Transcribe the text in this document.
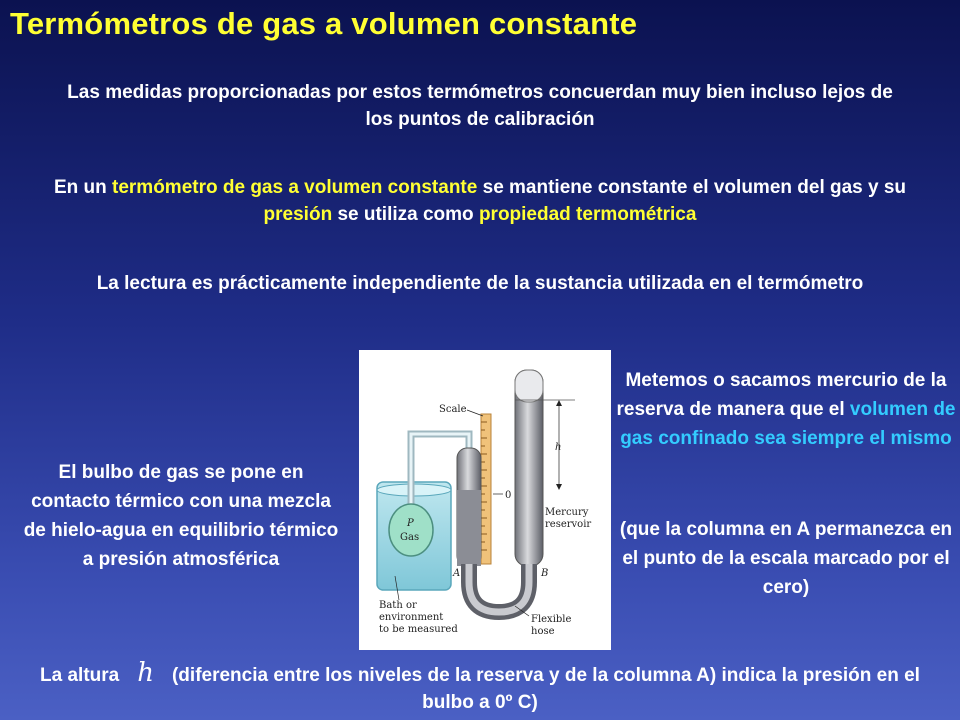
Termómetros de gas a volumen constante
Las medidas proporcionadas por estos termómetros concuerdan muy bien incluso lejos de los puntos de calibración
En un termómetro de gas a volumen constante se mantiene constante el volumen del gas y su presión se utiliza como propiedad termométrica
La lectura es prácticamente independiente de la sustancia utilizada en el termómetro
El bulbo de gas se pone en contacto térmico con una mezcla de hielo-agua en equilibrio térmico a presión atmosférica
Metemos o sacamos mercurio de la reserva de manera que el volumen de gas confinado sea siempre el mismo
(que la columna en A permanezca en el punto de la escala marcado por el cero)
La altura h (diferencia entre los niveles de la reserva y de la columna A) indica la presión en el bulbo a 0º C)
P
Gas
Scale
0
h
Mercury
reservoir
A	B
Flexible
hose
Bath or
environment
to be measured
